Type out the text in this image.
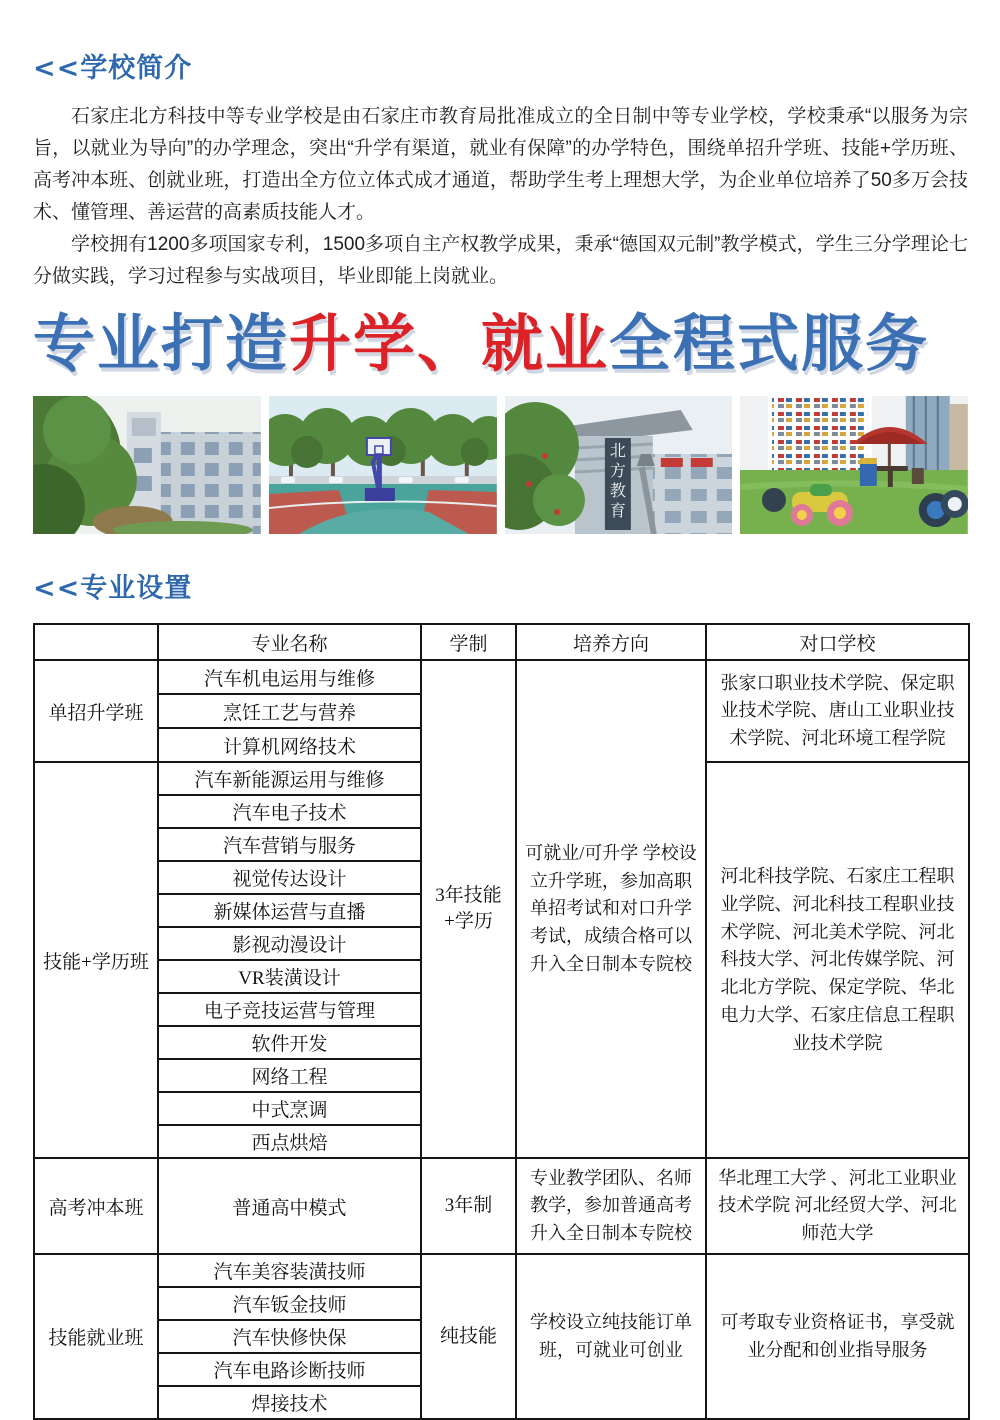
<<学校简介

石家庄北方科技中等专业学校是由石家庄市教育局批准成立的全日制中等专业学校，学校秉承“以服务为宗旨，以就业为导向”的办学理念，突出“升学有渠道，就业有保障”的办学特色，围绕单招升学班、技能+学历班、高考冲本班、创就业班，打造出全方位立体式成才通道，帮助学生考上理想大学，为企业单位培养了50多万会技术、懂管理、善运营的高素质技能人才。

学校拥有1200多项国家专利，1500多项自主产权教学成果，秉承“德国双元制”教学模式，学生三分学理论七分做实践，学习过程参与实战项目，毕业即能上岗就业。

专业打造升学、就业全程式服务
北
方
教
育
<<专业设置
	专业名称	学制	培养方向	对口学校
单招升学班	汽车机电运用与维修	3年技能+学历	可就业/可升学 学校设立升学班，参加高职单招考试和对口升学考试，成绩合格可以升入全日制本专院校	张家口职业技术学院、保定职业技术学院、唐山工业职业技术学院、河北环境工程学院
	烹饪工艺与营养			
	计算机网络技术			
技能+学历班	汽车新能源运用与维修			河北科技学院、石家庄工程职业学院、河北科技工程职业技术学院、河北美术学院、河北科技大学、河北传媒学院、河北北方学院、保定学院、华北电力大学、石家庄信息工程职业技术学院
	汽车电子技术			
	汽车营销与服务			
	视觉传达设计			
	新媒体运营与直播			
	影视动漫设计			
	VR装潢设计			
	电子竞技运营与管理			
	软件开发			
	网络工程			
	中式烹调			
	西点烘焙			
高考冲本班	普通高中模式	3年制	专业教学团队、名师教学，参加普通高考升入全日制本专院校	华北理工大学 、河北工业职业技术学院 河北经贸大学、河北师范大学
技能就业班	汽车美容装潢技师	纯技能	学校设立纯技能订单班，可就业可创业	可考取专业资格证书，享受就业分配和创业指导服务
	汽车钣金技师			
	汽车快修快保			
	汽车电路诊断技师			
	焊接技术			
